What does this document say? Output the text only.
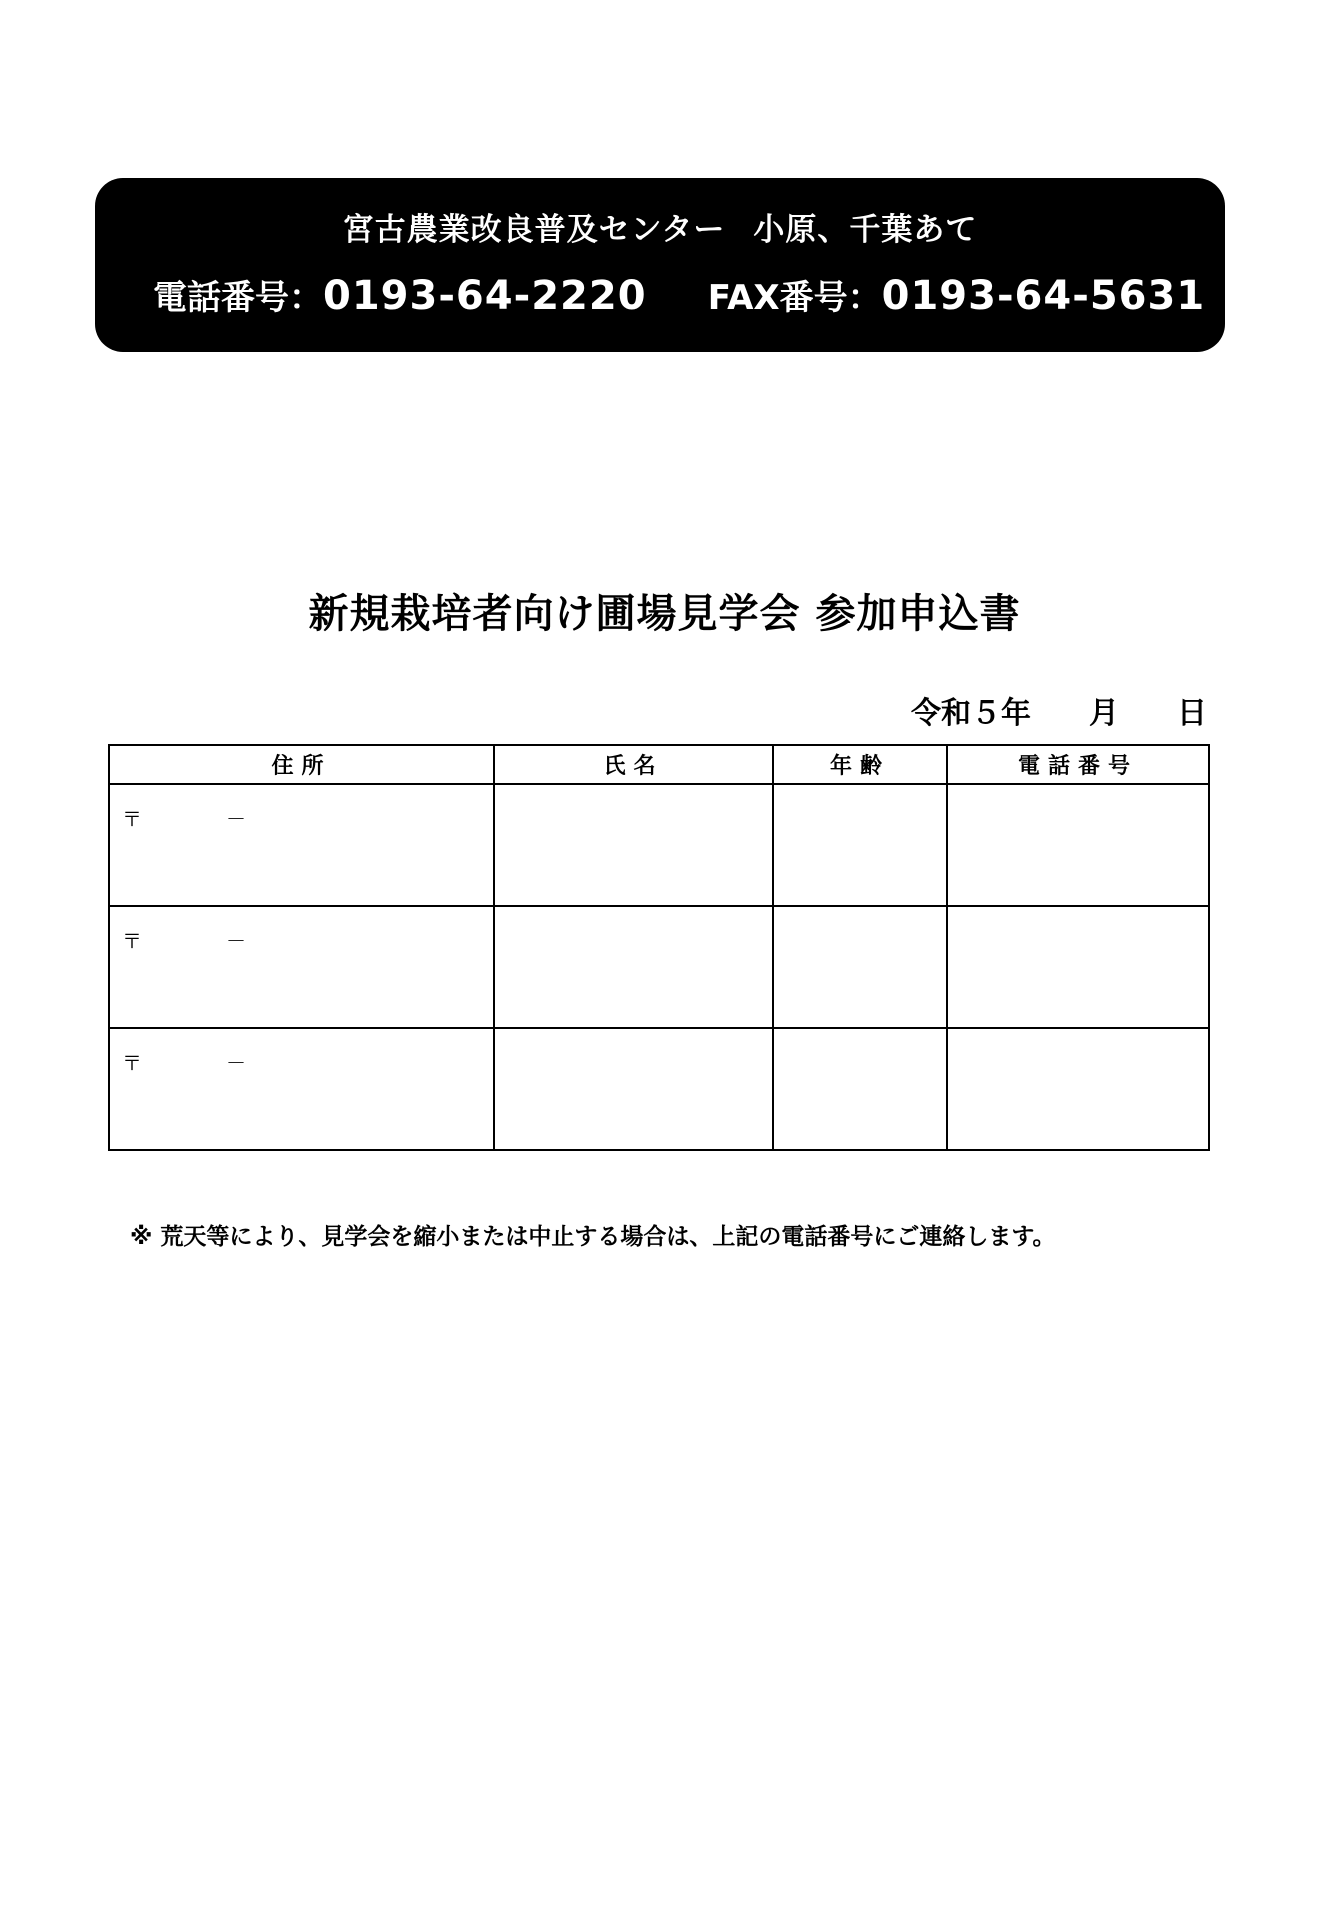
宮古農業改良普及センター 小原、千葉あて
電話番号：0193-64-2220 FAX番号：0193-64-5631
新規栽培者向け圃場見学会 参加申込書
令和５年 月 日
住所	氏名	年齢	電話番号

〒 －			

〒 －			

〒 －			

※ 荒天等により、見学会を縮小または中止する場合は、上記の電話番号にご連絡します。
